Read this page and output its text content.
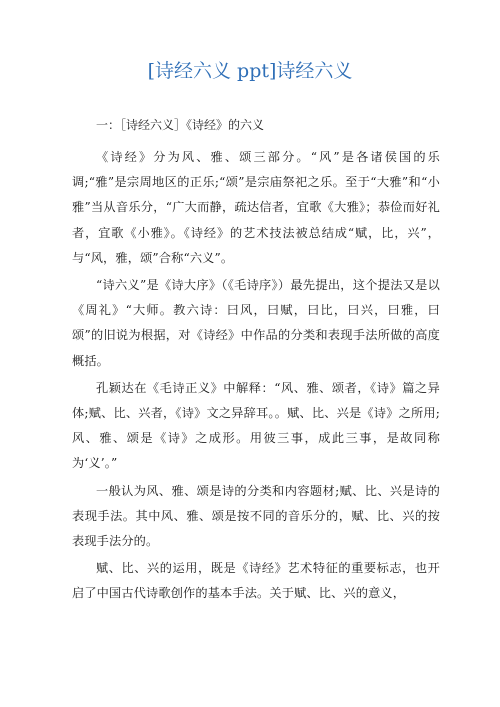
[诗经六义 ppt]诗经六义
一：［诗经六义］《诗经》的六义

《诗经》分为风、雅、颂三部分。“风”是各诸侯国的乐调;“雅”是宗周地区的正乐;“颂”是宗庙祭祀之乐。至于“大雅”和“小雅”当从音乐分，“广大而静，疏达信者，宜歌《大雅》；恭俭而好礼者，宜歌《小雅》。《诗经》的艺术技法被总结成“赋，比，兴”，与“风，雅，颂”合称“六义”。

“诗六义”是《诗大序》（《毛诗序》）最先提出，这个提法又是以《周礼》“大师。教六诗：曰风，曰赋，曰比，曰兴，曰雅，曰颂”的旧说为根据，对《诗经》中作品的分类和表现手法所做的高度概括。

孔颖达在《毛诗正义》中解释：“风、雅、颂者，《诗》篇之异体;赋、比、兴者，《诗》文之异辞耳。。赋、比、兴是《诗》之所用;风、雅、颂是《诗》之成形。用彼三事，成此三事，是故同称为‘义’。”

一般认为风、雅、颂是诗的分类和内容题材;赋、比、兴是诗的表现手法。其中风、雅、颂是按不同的音乐分的，赋、比、兴的按表现手法分的。

赋、比、兴的运用，既是《诗经》艺术特征的重要标志，也开启了中国古代诗歌创作的基本手法。关于赋、比、兴的意义，
